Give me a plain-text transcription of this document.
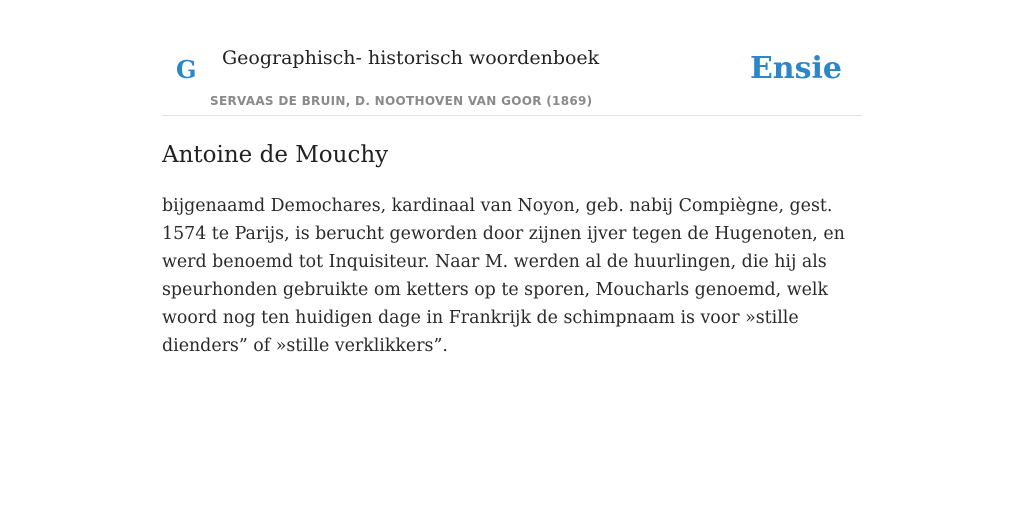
G Geographisch- historisch woordenboek
SERVAAS DE BRUIN, D. NOOTHOVEN VAN GOOR (1869)
Ensie
Antoine de Mouchy

bijgenaamd Demochares, kardinaal van Noyon, geb. nabij Compiègne, gest. 1574 te Parijs, is berucht geworden door zijnen ijver tegen de Hugenoten, en werd benoemd tot Inquisiteur. Naar M. werden al de huurlingen, die hij als speurhonden gebruikte om ketters op te sporen, Moucharls genoemd, welk woord nog ten huidigen dage in Frankrijk de schimpnaam is voor »stille dienders” of »stille verklikkers”.
